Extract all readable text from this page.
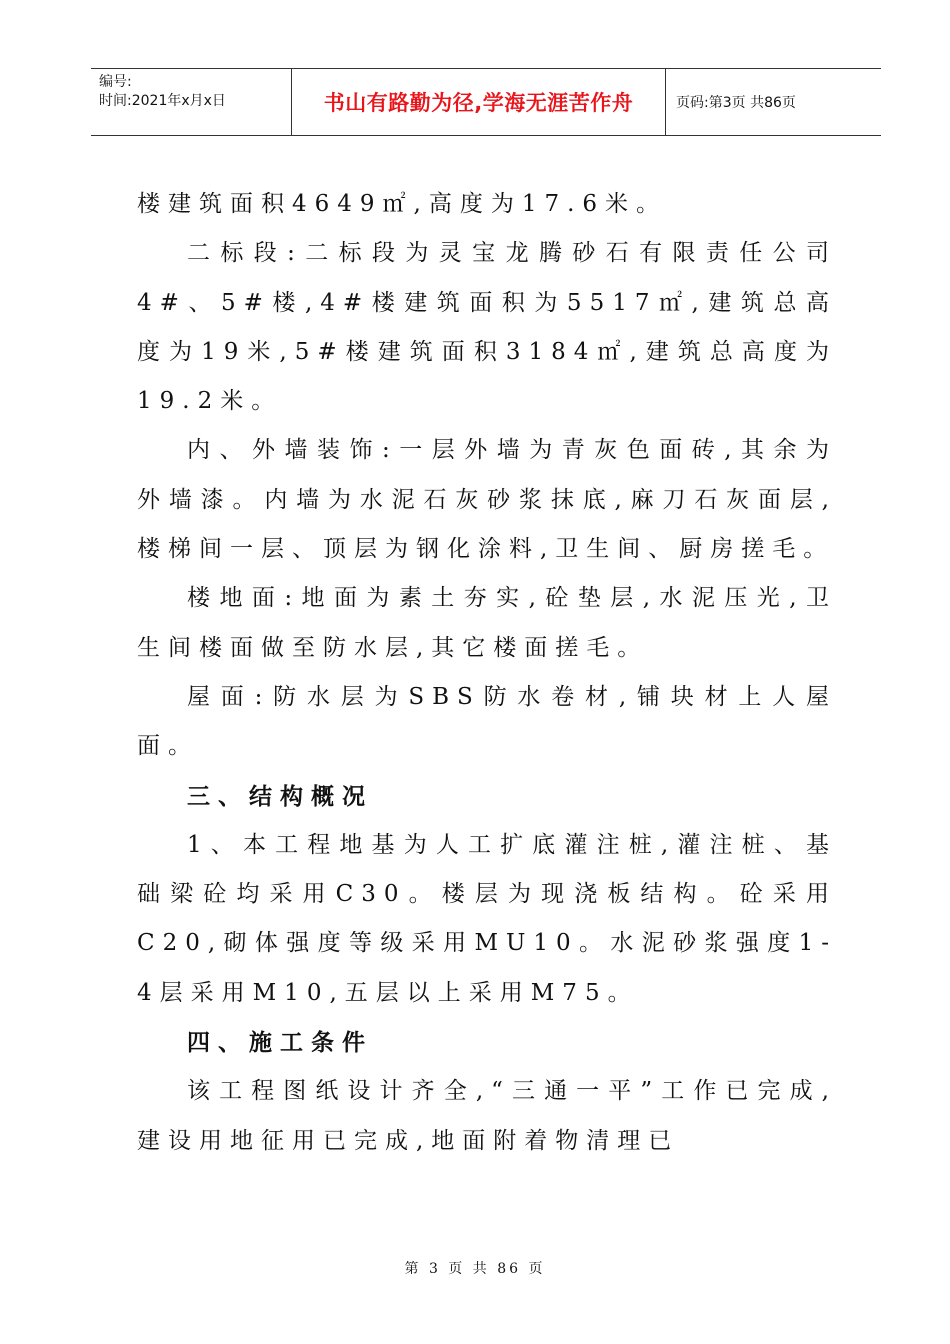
编号:
时间:2021年x月x日	书山有路勤为径,学海无涯苦作舟	页码:第3页 共86页

楼建筑面积4649㎡,高度为17.6米。

二标段:二标段为灵宝龙腾砂石有限责任公司4#、5#楼,4#楼建筑面积为5517㎡,建筑总高度为19米,5#楼建筑面积3184㎡,建筑总高度为19.2米。

内、外墙装饰:一层外墙为青灰色面砖,其余为外墙漆。内墙为水泥石灰砂浆抹底,麻刀石灰面层,楼梯间一层、顶层为钢化涂料,卫生间、厨房搓毛。

楼地面:地面为素土夯实,砼垫层,水泥压光,卫生间楼面做至防水层,其它楼面搓毛。

屋面:防水层为SBS防水卷材,铺块材上人屋面。

三、结构概况

1、本工程地基为人工扩底灌注桩,灌注桩、基础梁砼均采用C30。楼层为现浇板结构。砼采用C20,砌体强度等级采用MU10。水泥砂浆强度1-4层采用M10,五层以上采用M75。

四、施工条件

该工程图纸设计齐全,“三通一平”工作已完成,建设用地征用已完成,地面附着物清理已

第 3 页 共 86 页
